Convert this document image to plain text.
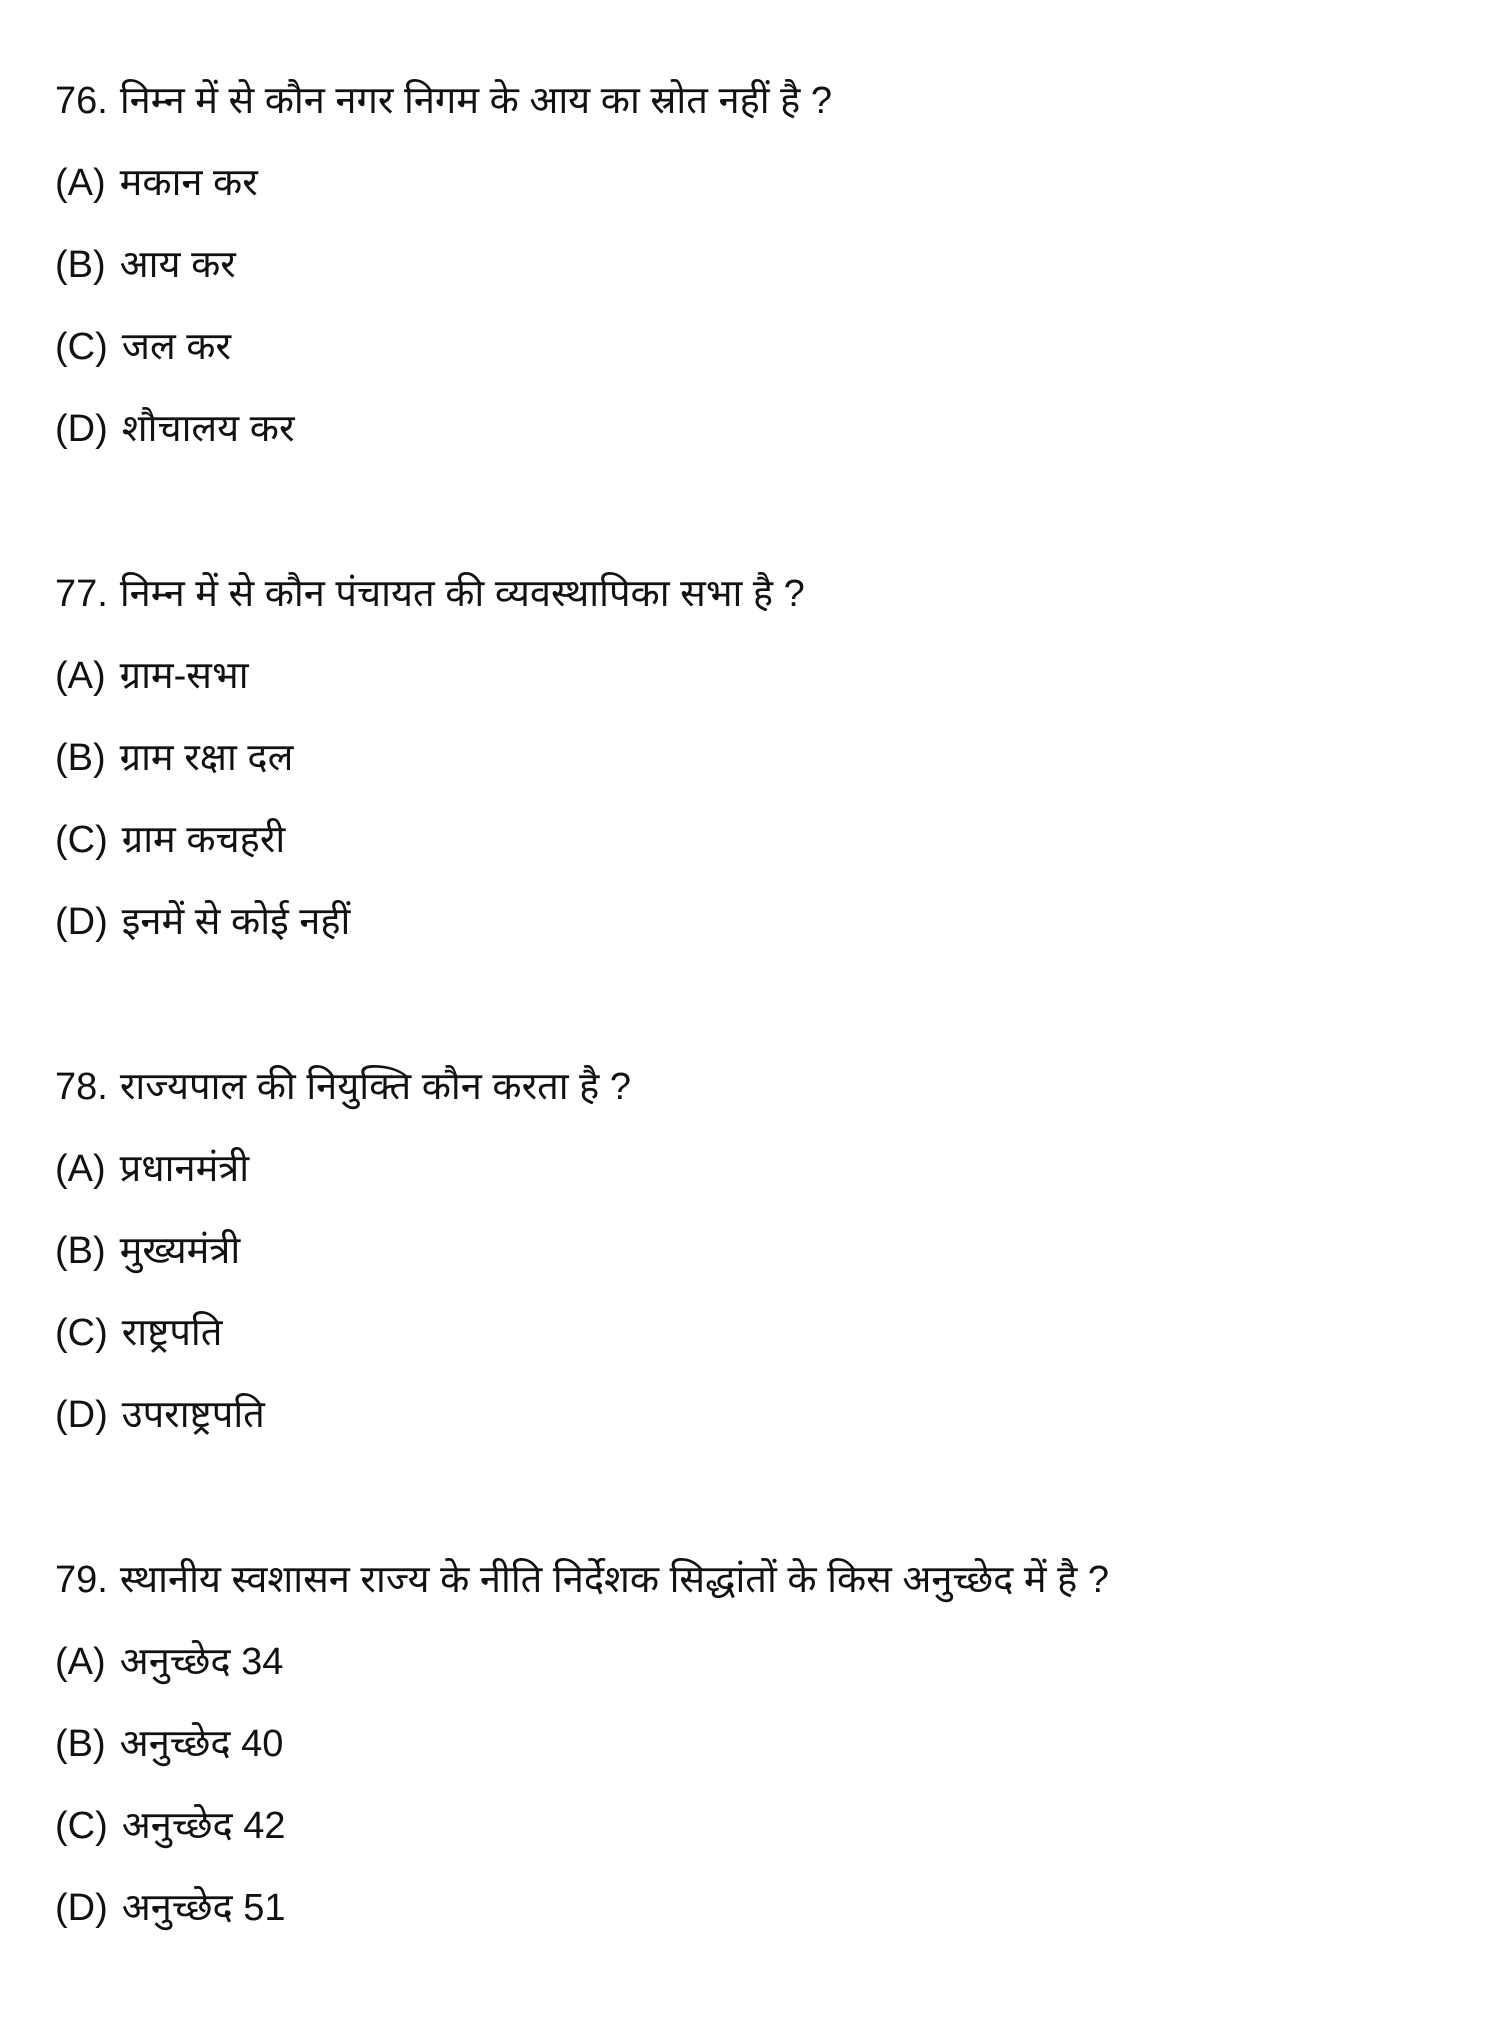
76. निम्न में से कौन नगर निगम के आय का स्रोत नहीं है ?
(A) मकान कर
(B) आय कर
(C) जल कर
(D) शौचालय कर
77. निम्न में से कौन पंचायत की व्यवस्थापिका सभा है ?
(A) ग्राम-सभा
(B) ग्राम रक्षा दल
(C) ग्राम कचहरी
(D) इनमें से कोई नहीं
78. राज्यपाल की नियुक्ति कौन करता है ?
(A) प्रधानमंत्री
(B) मुख्यमंत्री
(C) राष्ट्रपति
(D) उपराष्ट्रपति
79. स्थानीय स्वशासन राज्य के नीति निर्देशक सिद्धांतों के किस अनुच्छेद में है ?
(A) अनुच्छेद 34
(B) अनुच्छेद 40
(C) अनुच्छेद 42
(D) अनुच्छेद 51
